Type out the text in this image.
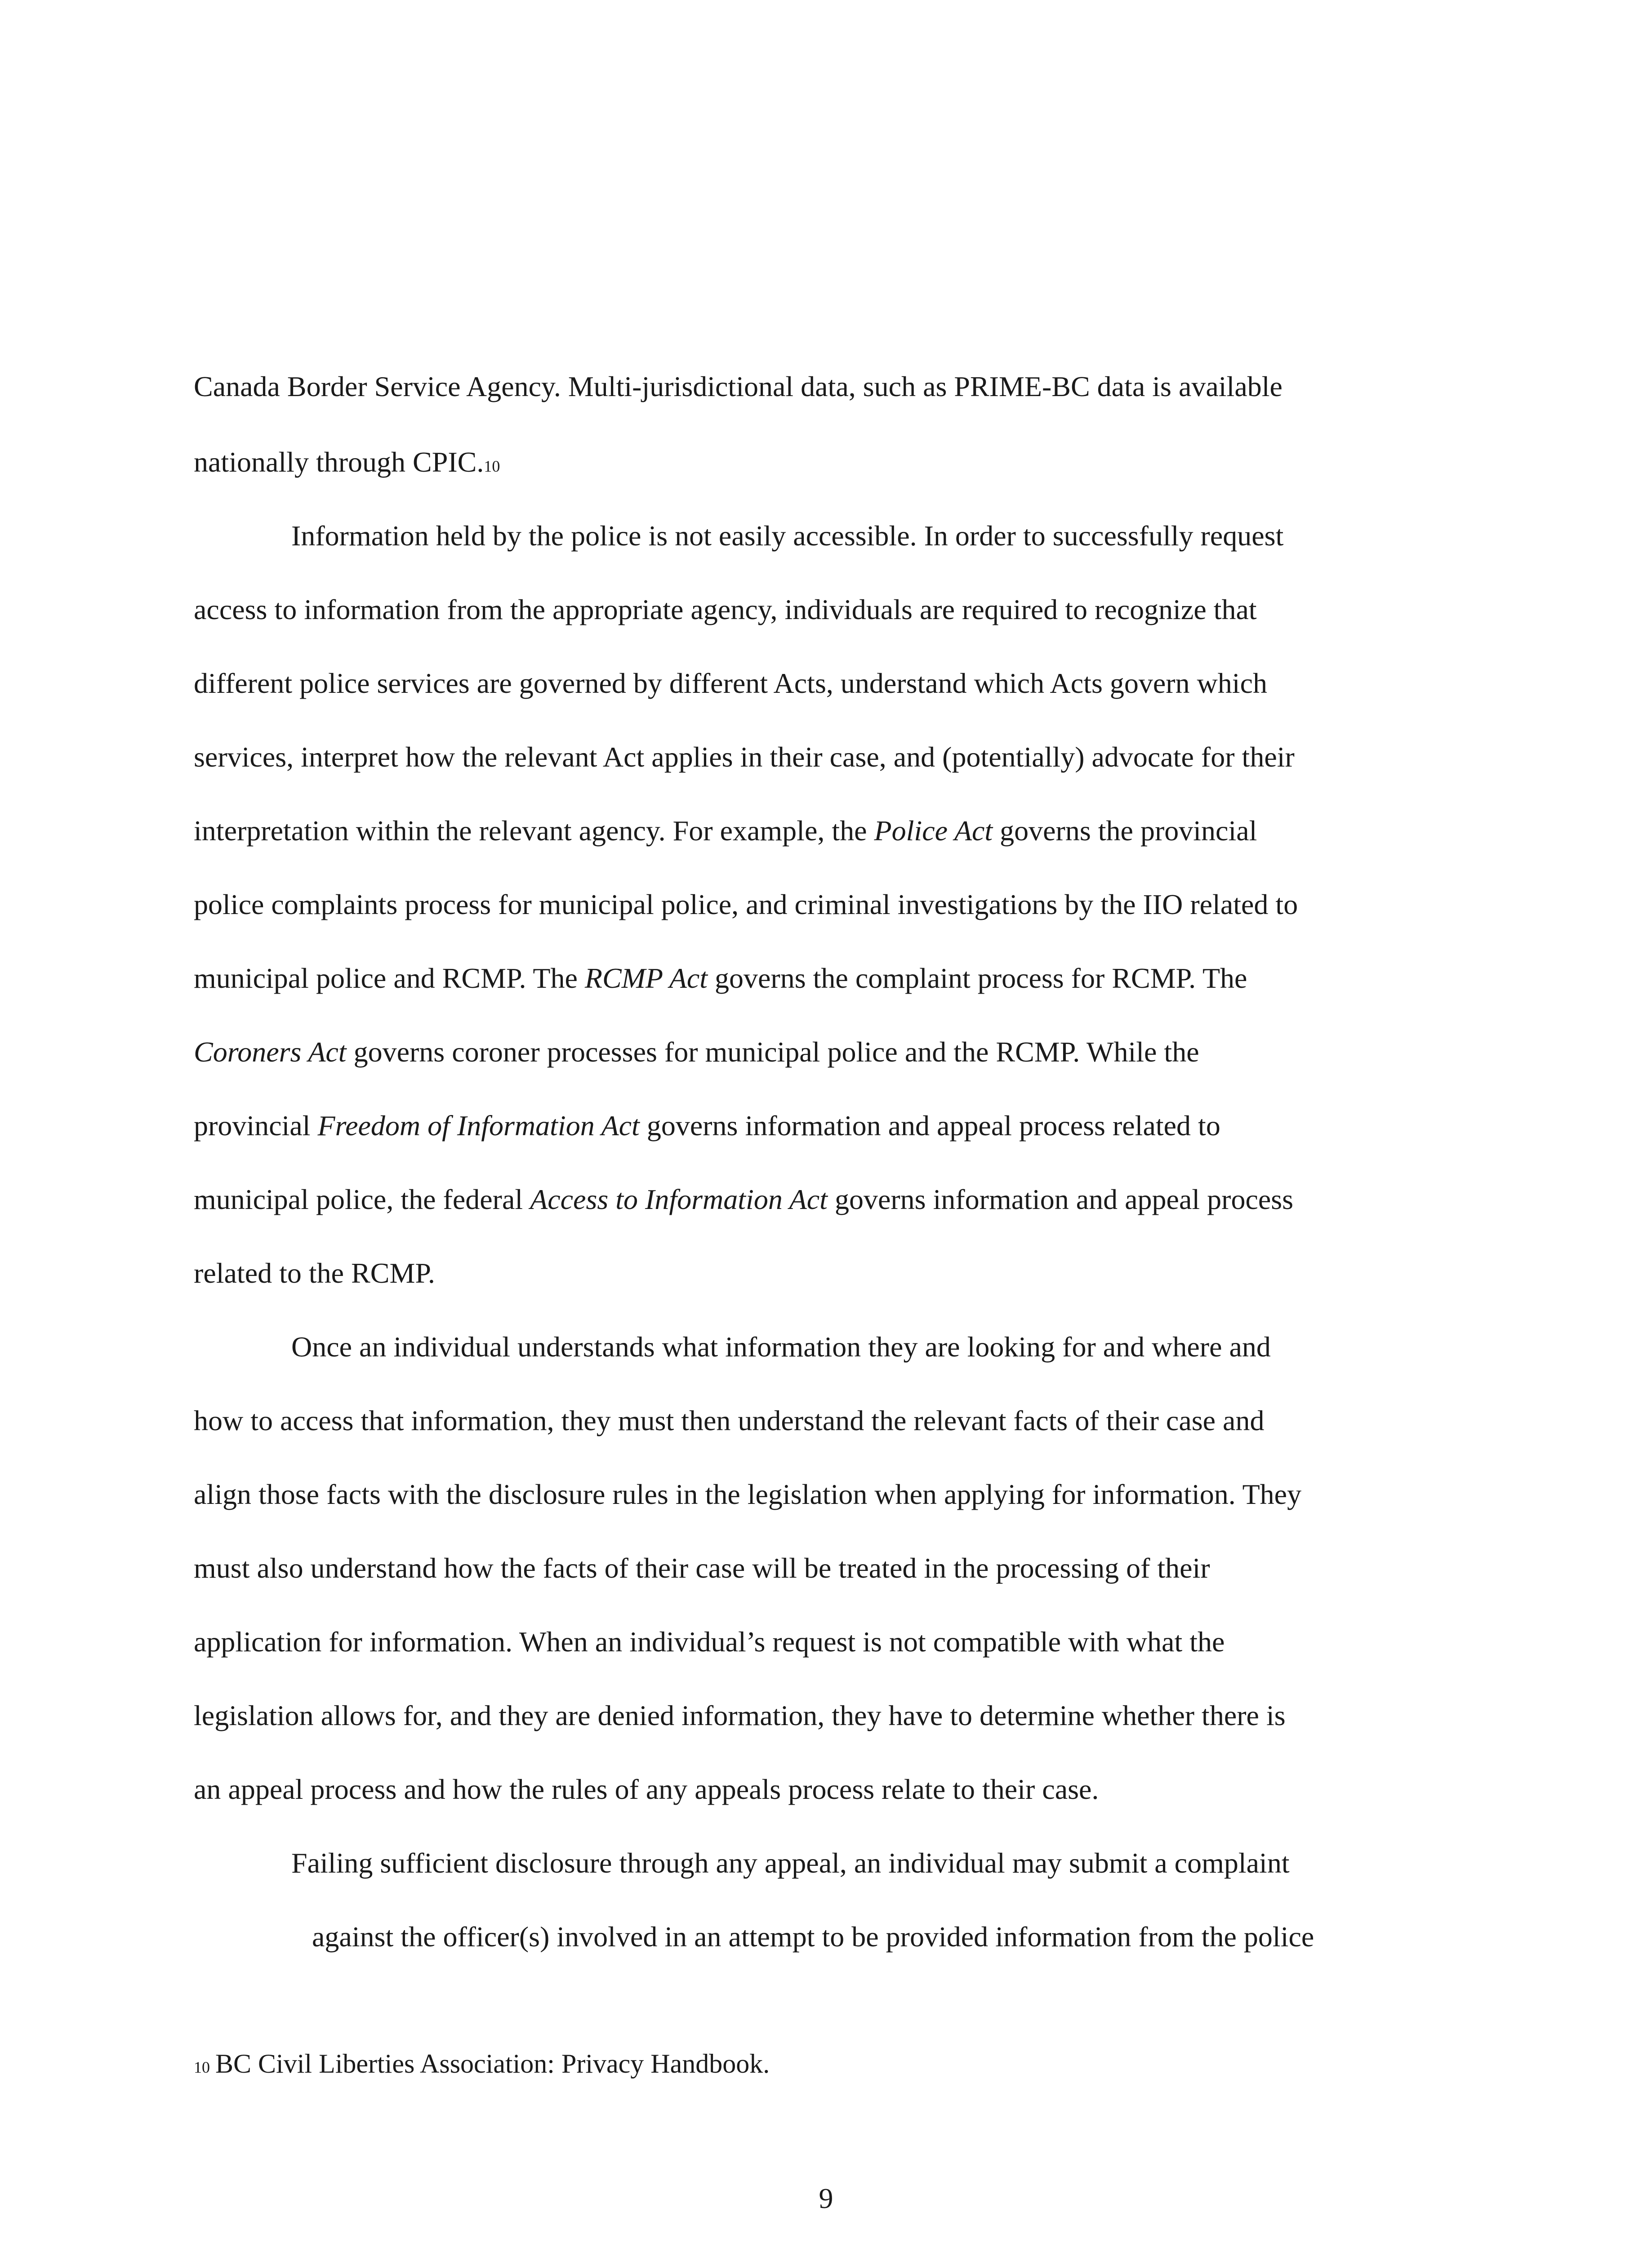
Canada Border Service Agency. Multi-jurisdictional data, such as PRIME-BC data is available
nationally through CPIC.10
Information held by the police is not easily accessible. In order to successfully request
access to information from the appropriate agency, individuals are required to recognize that
different police services are governed by different Acts, understand which Acts govern which
services, interpret how the relevant Act applies in their case, and (potentially) advocate for their
interpretation within the relevant agency. For example, the Police Act governs the provincial
police complaints process for municipal police, and criminal investigations by the IIO related to
municipal police and RCMP. The RCMP Act governs the complaint process for RCMP. The
Coroners Act governs coroner processes for municipal police and the RCMP. While the
provincial Freedom of Information Act governs information and appeal process related to
municipal police, the federal Access to Information Act governs information and appeal process
related to the RCMP.
Once an individual understands what information they are looking for and where and
how to access that information, they must then understand the relevant facts of their case and
align those facts with the disclosure rules in the legislation when applying for information. They
must also understand how the facts of their case will be treated in the processing of their
application for information. When an individual’s request is not compatible with what the
legislation allows for, and they are denied information, they have to determine whether there is
an appeal process and how the rules of any appeals process relate to their case.
Failing sufficient disclosure through any appeal, an individual may submit a complaint
against the officer(s) involved in an attempt to be provided information from the police
10 BC Civil Liberties Association: Privacy Handbook.
9
